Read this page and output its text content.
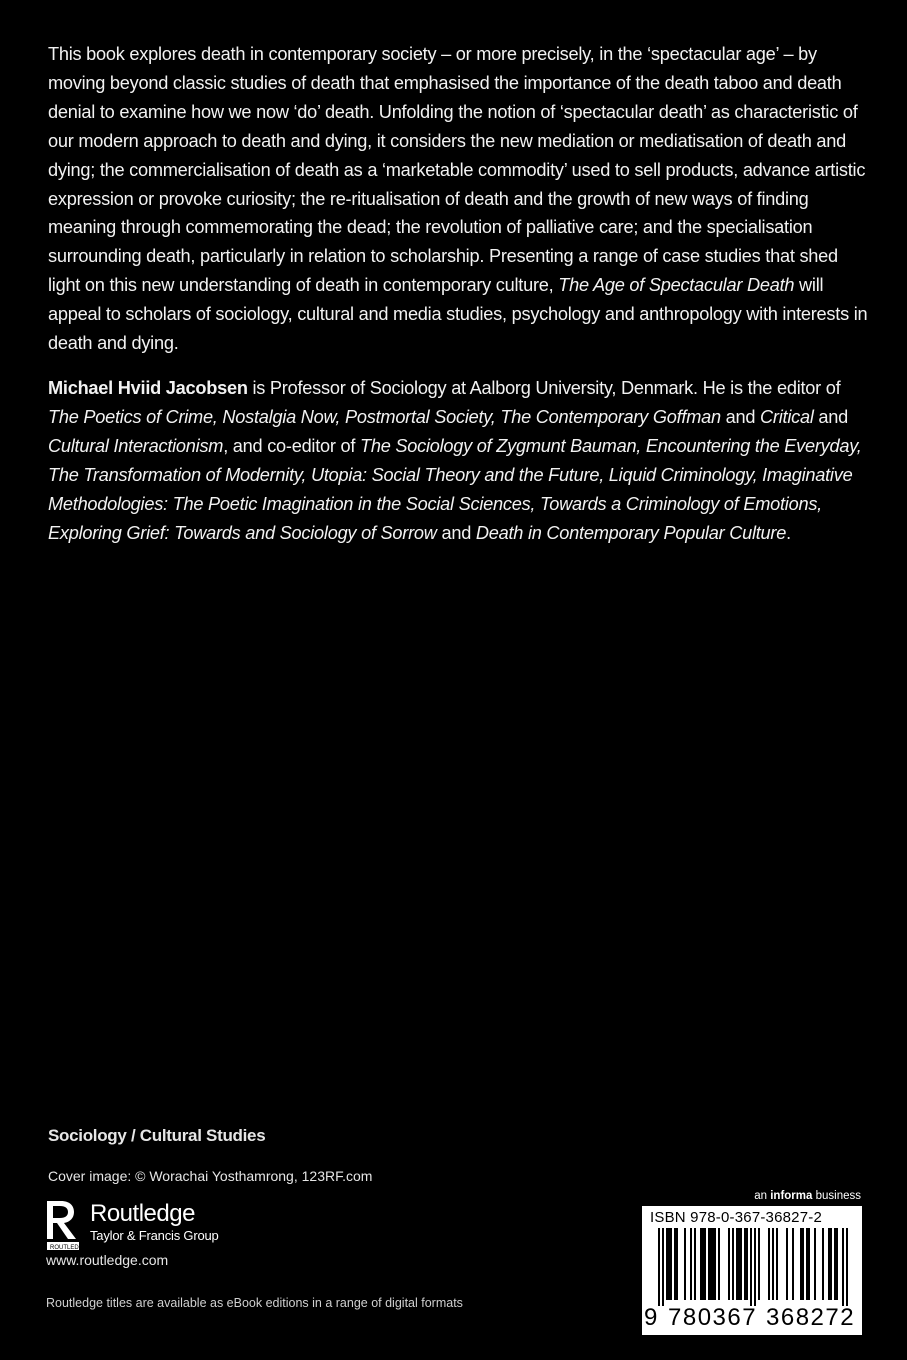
This book explores death in contemporary society – or more precisely, in the ‘spectacular age’ – by moving beyond classic studies of death that emphasised the importance of the death taboo and death denial to examine how we now ‘do’ death. Unfolding the notion of ‘spectacular death’ as characteristic of our modern approach to death and dying, it considers the new mediation or mediatisation of death and dying; the commercialisation of death as a ‘marketable commodity’ used to sell products, advance artistic expression or provoke curiosity; the re-ritualisation of death and the growth of new ways of finding meaning through commemorating the dead; the revolution of palliative care; and the specialisation surrounding death, particularly in relation to scholarship. Presenting a range of case studies that shed light on this new understanding of death in contemporary culture, The Age of Spectacular Death will appeal to scholars of sociology, cultural and media studies, psychology and anthropology with interests in death and dying.

Michael Hviid Jacobsen is Professor of Sociology at Aalborg University, Denmark. He is the editor of The Poetics of Crime, Nostalgia Now, Postmortal Society, The Contemporary Goffman and Critical and Cultural Interactionism, and co-editor of The Sociology of Zygmunt Bauman, Encountering the Everyday, The Transformation of Modernity, Utopia: Social Theory and the Future, Liquid Criminology, Imaginative Methodologies: The Poetic Imagination in the Social Sciences, Towards a Criminology of Emotions, Exploring Grief: Towards and Sociology of Sorrow and Death in Contemporary Popular Culture.

Sociology / Cultural Studies
Cover image: © Worachai Yosthamrong, 123RF.com
ROUTLEDGE
Routledge
Taylor & Francis Group
www.routledge.com
Routledge titles are available as eBook editions in a range of digital formats
an informa business
ISBN 978-0-367-36827-2
9 780367 368272
